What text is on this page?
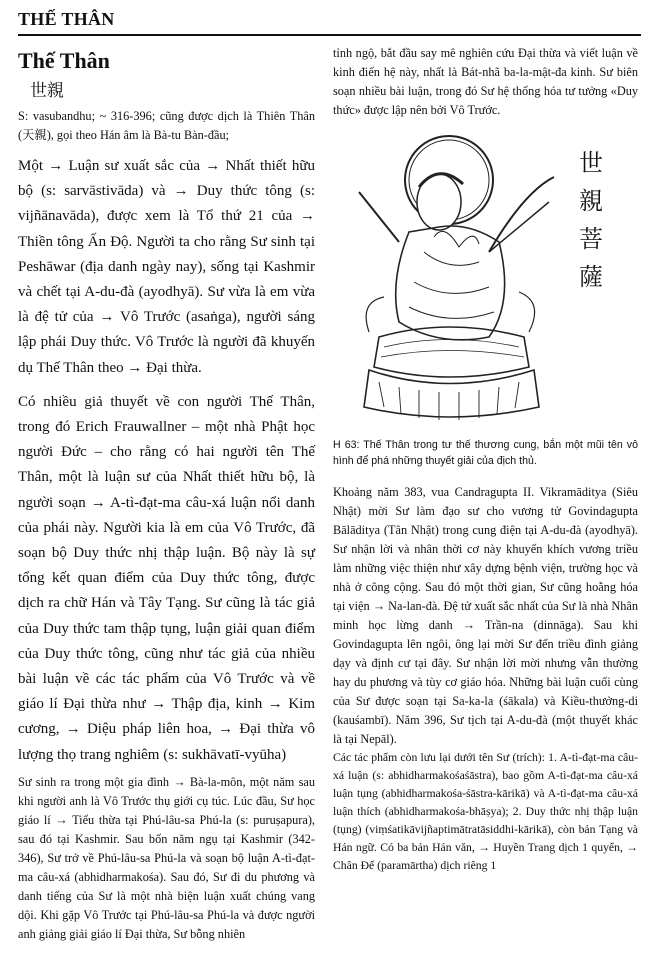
THẾ THÂN
Thế Thân
世親

S: vasubandhu; ~ 316-396; cũng được dịch là Thiên Thân (天親), gọi theo Hán âm là Bà-tu Bàn-đầu;

Một → Luận sư xuất sắc của → Nhất thiết hữu bộ (s: sarvāstivāda) và → Duy thức tông (s: vijñānavāda), được xem là Tổ thứ 21 của → Thiền tông Ấn Độ. Người ta cho rằng Sư sinh tại Peshāwar (địa danh ngày nay), sống tại Kashmir và chết tại A-du-đà (ayodhyā). Sư vừa là em vừa là đệ tử của → Vô Trước (asaṅga), người sáng lập phái Duy thức. Vô Trước là người đã khuyến dụ Thế Thân theo → Đại thừa.

Có nhiều giả thuyết về con người Thế Thân, trong đó Erich Frauwallner – một nhà Phật học người Đức – cho rằng có hai người tên Thế Thân, một là luận sư của Nhất thiết hữu bộ, là người soạn → A-tì-đạt-ma câu-xá luận nổi danh của phái này. Người kia là em của Vô Trước, đã soạn bộ Duy thức nhị thập luận. Bộ này là sự tổng kết quan điểm của Duy thức tông, được dịch ra chữ Hán và Tây Tạng. Sư cũng là tác giả của Duy thức tam thập tụng, luận giải quan điểm của Duy thức tông, cũng như tác giả của nhiều bài luận về các tác phẩm của Vô Trước và về giáo lí Đại thừa như → Thập địa, kinh → Kim cương, → Diệu pháp liên hoa, → Đại thừa vô lượng thọ trang nghiêm (s: sukhāvatī-vyūha)

Sư sinh ra trong một gia đình → Bà-la-môn, một năm sau khi người anh là Vô Trước thụ giới cụ túc. Lúc đầu, Sư học giáo lí → Tiểu thừa tại Phú-lâu-sa Phú-la (s: puruṣapura), sau đó tại Kashmir. Sau bốn năm ngụ tại Kashmir (342-346), Sư trở về Phú-lâu-sa Phú-la và soạn bộ luận A-tì-đạt-ma câu-xá (abhidharmakośa). Sau đó, Sư đi du phương và danh tiếng của Sư là một nhà biện luận xuất chúng vang dội. Khi gặp Vô Trước tại Phú-lâu-sa Phú-la và được người anh giảng giải giáo lí Đại thừa, Sư bỗng nhiên

tỉnh ngộ, bắt đầu say mê nghiên cứu Đại thừa và viết luận về kinh điển hệ này, nhất là Bát-nhã ba-la-mật-đa kinh. Sư biên soạn nhiều bài luận, trong đó Sư hệ thống hóa tư tưởng «Duy thức» được lập nên bởi Vô Trước.

世親菩薩

H 63: Thế Thân trong tư thế thương cung, bắn một mũi tên vô hình để phá những thuyết giải của địch thủ.

Khoảng năm 383, vua Candragupta II. Vikramāditya (Siêu Nhật) mời Sư làm đạo sư cho vương tử Govindagupta Bālāditya (Tân Nhật) trong cung điện tại A-du-đà (ayodhyā). Sư nhận lời và nhân thời cơ này khuyến khích vương triều làm những việc thiện như xây dựng bệnh viện, trường học và nhà ở công cộng. Sau đó một thời gian, Sư cũng hoằng hóa tại viện → Na-lan-đà. Đệ tử xuất sắc nhất của Sư là nhà Nhân minh học lừng danh → Trần-na (dinnāga). Sau khi Govindagupta lên ngôi, ông lại mời Sư đến triều đình giảng dạy và định cư tại đây. Sư nhận lời mời nhưng vẫn thường hay du phương và tùy cơ giáo hóa. Những bài luận cuối cùng của Sư được soạn tại Sa-ka-la (śākala) và Kiều-thưởng-di (kauśambī). Năm 396, Sư tịch tại A-du-đà (một thuyết khác là tại Nepāl).

Các tác phẩm còn lưu lại dưới tên Sư (trích): 1. A-tì-đạt-ma câu-xá luận (s: abhidharmakośaśāstra), bao gồm A-tì-đạt-ma câu-xá luận tụng (abhidharmakośa-śāstra-kārikā) và A-tì-đạt-ma câu-xá luận thích (abhidharmakośa-bhāṣya); 2. Duy thức nhị thập luận (tụng) (viṃśatikāvijñaptimātratāsiddhi-kārikā), còn bản Tạng và Hán ngữ. Có ba bản Hán văn, → Huyền Trang dịch 1 quyển, → Chân Đế (paramārtha) dịch riêng 1
